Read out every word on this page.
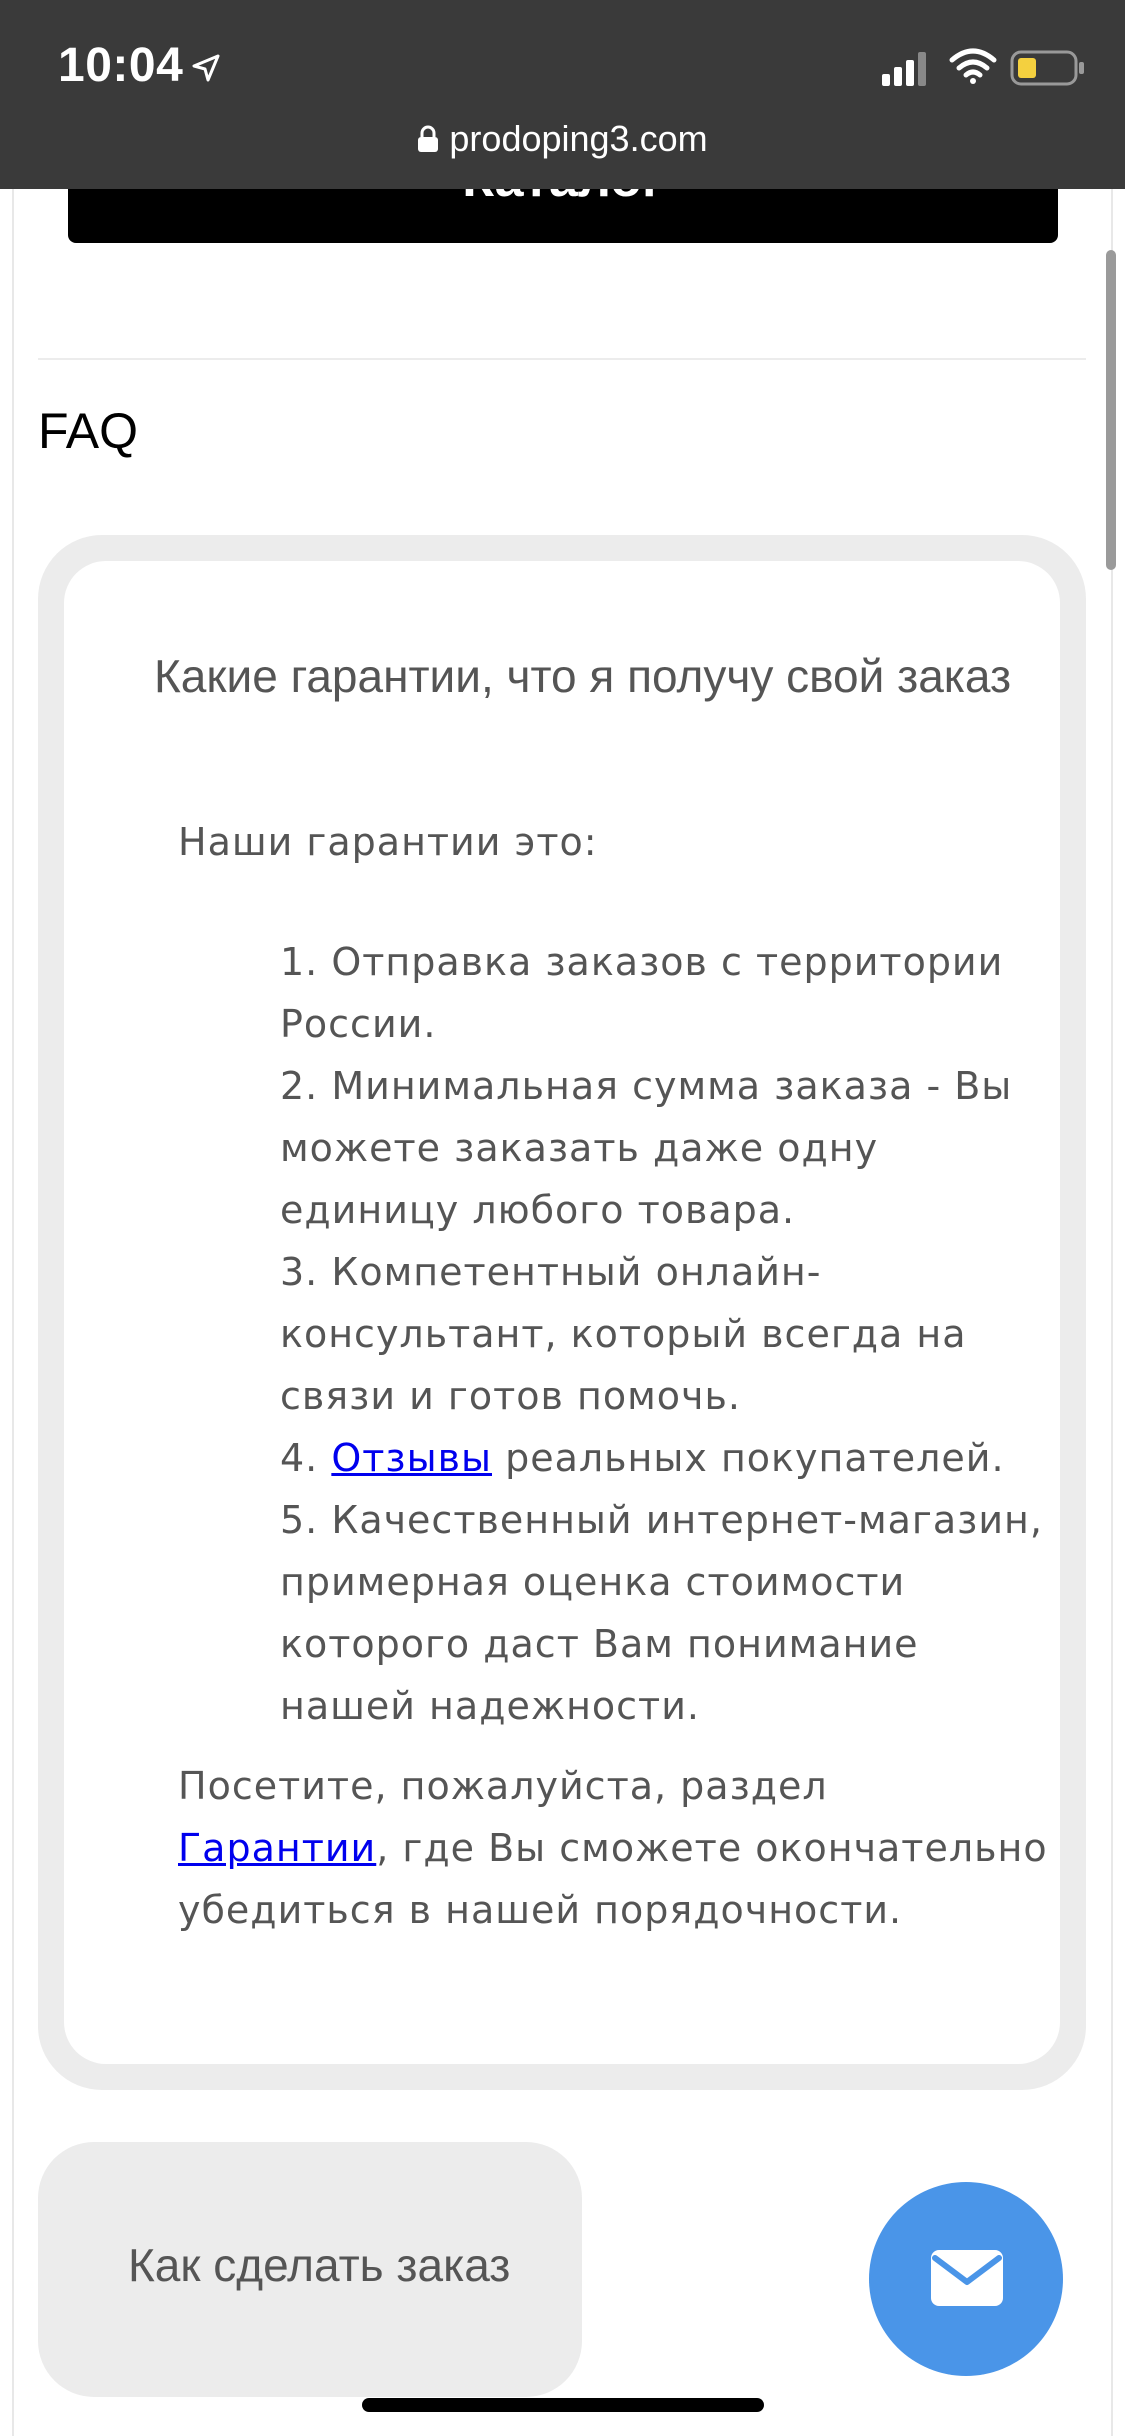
10:04
prodoping3.com
FAQ
Какие гарантии, что я получу свой заказ

Наши гарантии это:

1. Отправка заказов с территории России.
2. Минимальная сумма заказа - Вы можете заказать даже одну единицу любого товара.
3. Компетентный онлайн-консультант, который всегда на связи и готов помочь.
4. Отзывы реальных покупателей.
5. Качественный интернет-магазин, примерная оценка стоимости которого даст Вам понимание нашей надежности.

Посетите, пожалуйста, раздел Гарантии, где Вы сможете окончательно убедиться в нашей порядочности.

Как сделать заказ
